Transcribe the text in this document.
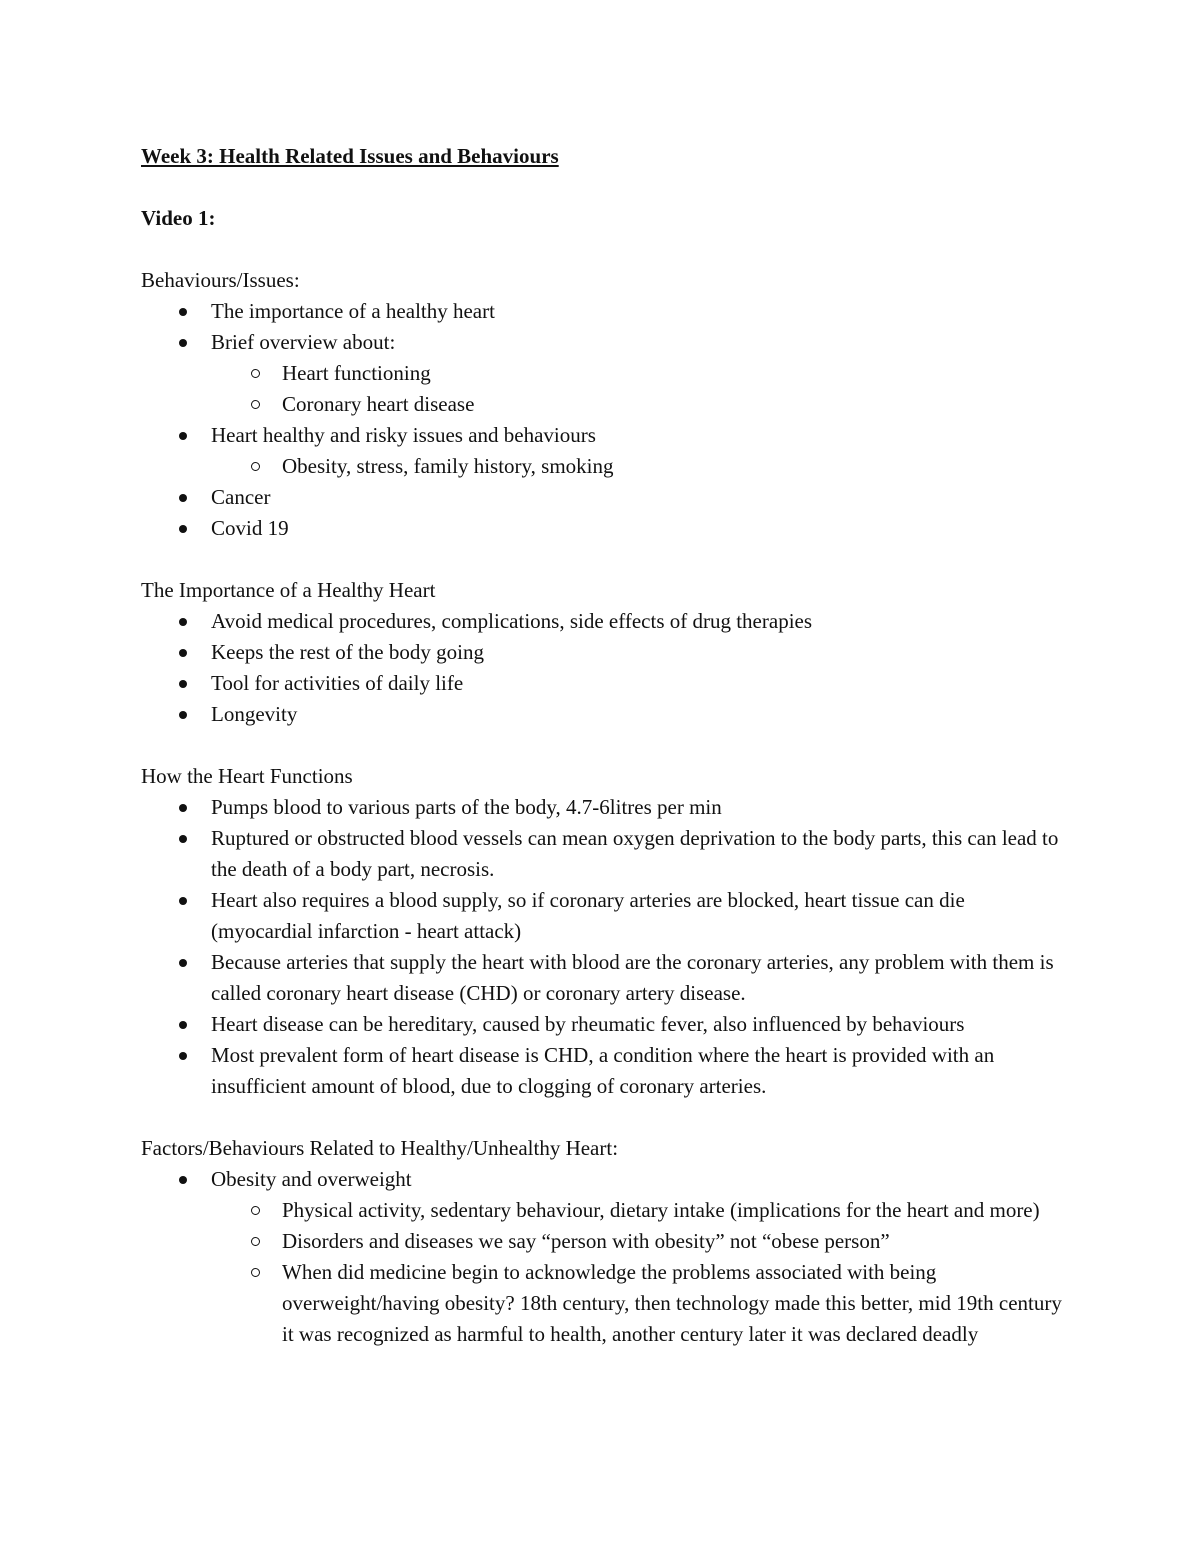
Week 3: Health Related Issues and Behaviours

Video 1:

Behaviours/Issues:

The importance of a healthy heart
Brief overview about:
Heart functioning
Coronary heart disease
Heart healthy and risky issues and behaviours
Obesity, stress, family history, smoking
Cancer
Covid 19

The Importance of a Healthy Heart

Avoid medical procedures, complications, side effects of drug therapies
Keeps the rest of the body going
Tool for activities of daily life
Longevity

How the Heart Functions

Pumps blood to various parts of the body, 4.7-6litres per min
Ruptured or obstructed blood vessels can mean oxygen deprivation to the body parts, this can lead to the death of a body part, necrosis.
Heart also requires a blood supply, so if coronary arteries are blocked, heart tissue can die (myocardial infarction - heart attack)
Because arteries that supply the heart with blood are the coronary arteries, any problem with them is called coronary heart disease (CHD) or coronary artery disease.
Heart disease can be hereditary, caused by rheumatic fever, also influenced by behaviours
Most prevalent form of heart disease is CHD, a condition where the heart is provided with an insufficient amount of blood, due to clogging of coronary arteries.

Factors/Behaviours Related to Healthy/Unhealthy Heart:

Obesity and overweight
Physical activity, sedentary behaviour, dietary intake (implications for the heart and more)
Disorders and diseases we say “person with obesity” not “obese person”
When did medicine begin to acknowledge the problems associated with being overweight/having obesity? 18th century, then technology made this better, mid 19th century it was recognized as harmful to health, another century later it was declared deadly
